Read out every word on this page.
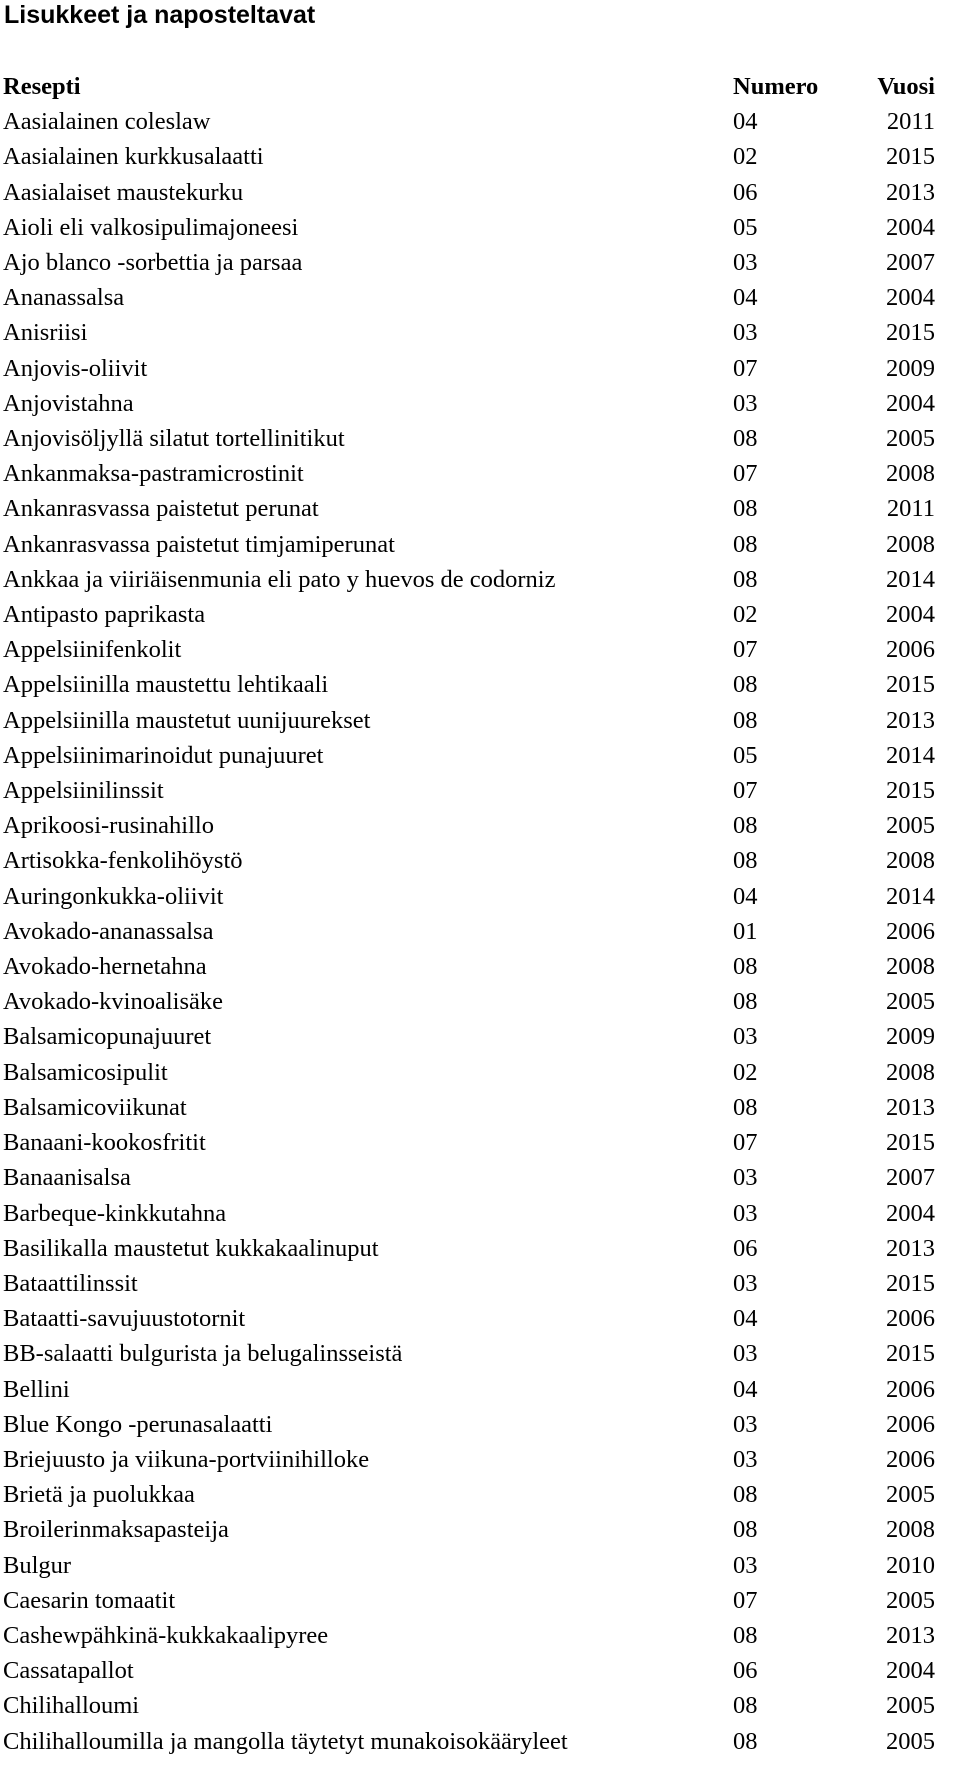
Lisukkeet ja naposteltavat
Resepti	Numero	Vuosi
Aasialainen coleslaw	04	2011
Aasialainen kurkkusalaatti	02	2015
Aasialaiset maustekurku	06	2013
Aioli eli valkosipulimajoneesi	05	2004
Ajo blanco -sorbettia ja parsaa	03	2007
Ananassalsa	04	2004
Anisriisi	03	2015
Anjovis-oliivit	07	2009
Anjovistahna	03	2004
Anjovisöljyllä silatut tortellinitikut	08	2005
Ankanmaksa-pastramicrostinit	07	2008
Ankanrasvassa paistetut perunat	08	2011
Ankanrasvassa paistetut timjamiperunat	08	2008
Ankkaa ja viiriäisenmunia eli pato y huevos de codorniz	08	2014
Antipasto paprikasta	02	2004
Appelsiinifenkolit	07	2006
Appelsiinilla maustettu lehtikaali	08	2015
Appelsiinilla maustetut uunijuurekset	08	2013
Appelsiinimarinoidut punajuuret	05	2014
Appelsiinilinssit	07	2015
Aprikoosi-rusinahillo	08	2005
Artisokka-fenkolihöystö	08	2008
Auringonkukka-oliivit	04	2014
Avokado-ananassalsa	01	2006
Avokado-hernetahna	08	2008
Avokado-kvinoalisäke	08	2005
Balsamicopunajuuret	03	2009
Balsamicosipulit	02	2008
Balsamicoviikunat	08	2013
Banaani-kookosfritit	07	2015
Banaanisalsa	03	2007
Barbeque-kinkkutahna	03	2004
Basilikalla maustetut kukkakaalinuput	06	2013
Bataattilinssit	03	2015
Bataatti-savujuustotornit	04	2006
BB-salaatti bulgurista ja belugalinsseistä	03	2015
Bellini	04	2006
Blue Kongo -perunasalaatti	03	2006
Briejuusto ja viikuna-portviinihilloke	03	2006
Brietä ja puolukkaa	08	2005
Broilerinmaksapasteija	08	2008
Bulgur	03	2010
Caesarin tomaatit	07	2005
Cashewpähkinä-kukkakaalipyree	08	2013
Cassatapallot	06	2004
Chilihalloumi	08	2005
Chilihalloumilla ja mangolla täytetyt munakoisokääryleet	08	2005
